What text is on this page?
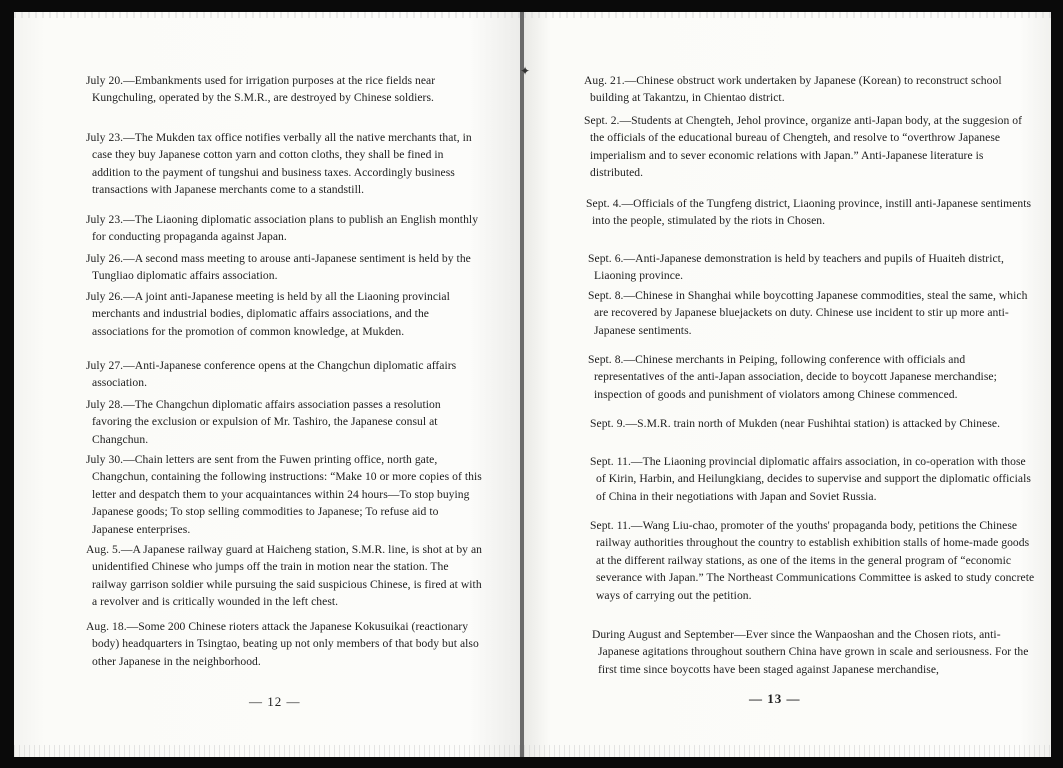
July 20.—Embankments used for irrigation purposes at the rice fields near Kungchuling, operated by the S.M.R., are destroyed by Chinese soldiers.

July 23.—The Mukden tax office notifies verbally all the native merchants that, in case they buy Japanese cotton yarn and cotton cloths, they shall be fined in addition to the payment of tungshui and business taxes. Accordingly business transactions with Japanese merchants come to a standstill.

July 23.—The Liaoning diplomatic association plans to publish an English monthly for conducting propaganda against Japan.

July 26.—A second mass meeting to arouse anti-Japanese sentiment is held by the Tungliao diplomatic affairs association.

July 26.—A joint anti-Japanese meeting is held by all the Liaoning provincial merchants and industrial bodies, diplomatic affairs associations, and the associations for the promotion of common knowledge, at Mukden.

July 27.—Anti-Japanese conference opens at the Changchun diplomatic affairs association.

July 28.—The Changchun diplomatic affairs association passes a resolution favoring the exclusion or expulsion of Mr. Tashiro, the Japanese consul at Changchun.

July 30.—Chain letters are sent from the Fuwen printing office, north gate, Changchun, containing the following instructions: “Make 10 or more copies of this letter and despatch them to your acquaintances within 24 hours—To stop buying Japanese goods; To stop selling commodities to Japanese; To refuse aid to Japanese enterprises.

Aug. 5.—A Japanese railway guard at Haicheng station, S.M.R. line, is shot at by an unidentified Chinese who jumps off the train in motion near the station. The railway garrison soldier while pursuing the said suspicious Chinese, is fired at with a revolver and is critically wounded in the left chest.

Aug. 18.—Some 200 Chinese rioters attack the Japanese Kokusuikai (reactionary body) headquarters in Tsingtao, beating up not only members of that body but also other Japanese in the neighborhood.

— 12 —
✦

Aug. 21.—Chinese obstruct work undertaken by Japanese (Korean) to reconstruct school building at Takantzu, in Chientao district.

Sept. 2.—Students at Chengteh, Jehol province, organize anti-Japan body, at the suggesion of the officials of the educational bureau of Chengteh, and resolve to “overthrow Japanese imperialism and to sever economic relations with Japan.” Anti-Japanese literature is distributed.

Sept. 4.—Officials of the Tungfeng district, Liaoning province, instill anti-Japanese sentiments into the people, stimulated by the riots in Chosen.

Sept. 6.—Anti-Japanese demonstration is held by teachers and pupils of Huaiteh district, Liaoning province.

Sept. 8.—Chinese in Shanghai while boycotting Japanese commodities, steal the same, which are recovered by Japanese bluejackets on duty. Chinese use incident to stir up more anti-Japanese sentiments.

Sept. 8.—Chinese merchants in Peiping, following conference with officials and representatives of the anti-Japan association, decide to boycott Japanese merchandise; inspection of goods and punishment of violators among Chinese commenced.

Sept. 9.—S.M.R. train north of Mukden (near Fushihtai station) is attacked by Chinese.

Sept. 11.—The Liaoning provincial diplomatic affairs association, in co-operation with those of Kirin, Harbin, and Heilungkiang, decides to supervise and support the diplomatic officials of China in their negotiations with Japan and Soviet Russia.

Sept. 11.—Wang Liu-chao, promoter of the youths' propaganda body, petitions the Chinese railway authorities throughout the country to establish exhibition stalls of home-made goods at the different railway stations, as one of the items in the general program of “economic severance with Japan.” The Northeast Communications Committee is asked to study concrete ways of carrying out the petition.

During August and September—Ever since the Wanpaoshan and the Chosen riots, anti-Japanese agitations throughout southern China have grown in scale and seriousness. For the first time since boycotts have been staged against Japanese merchandise,

— 13 —
